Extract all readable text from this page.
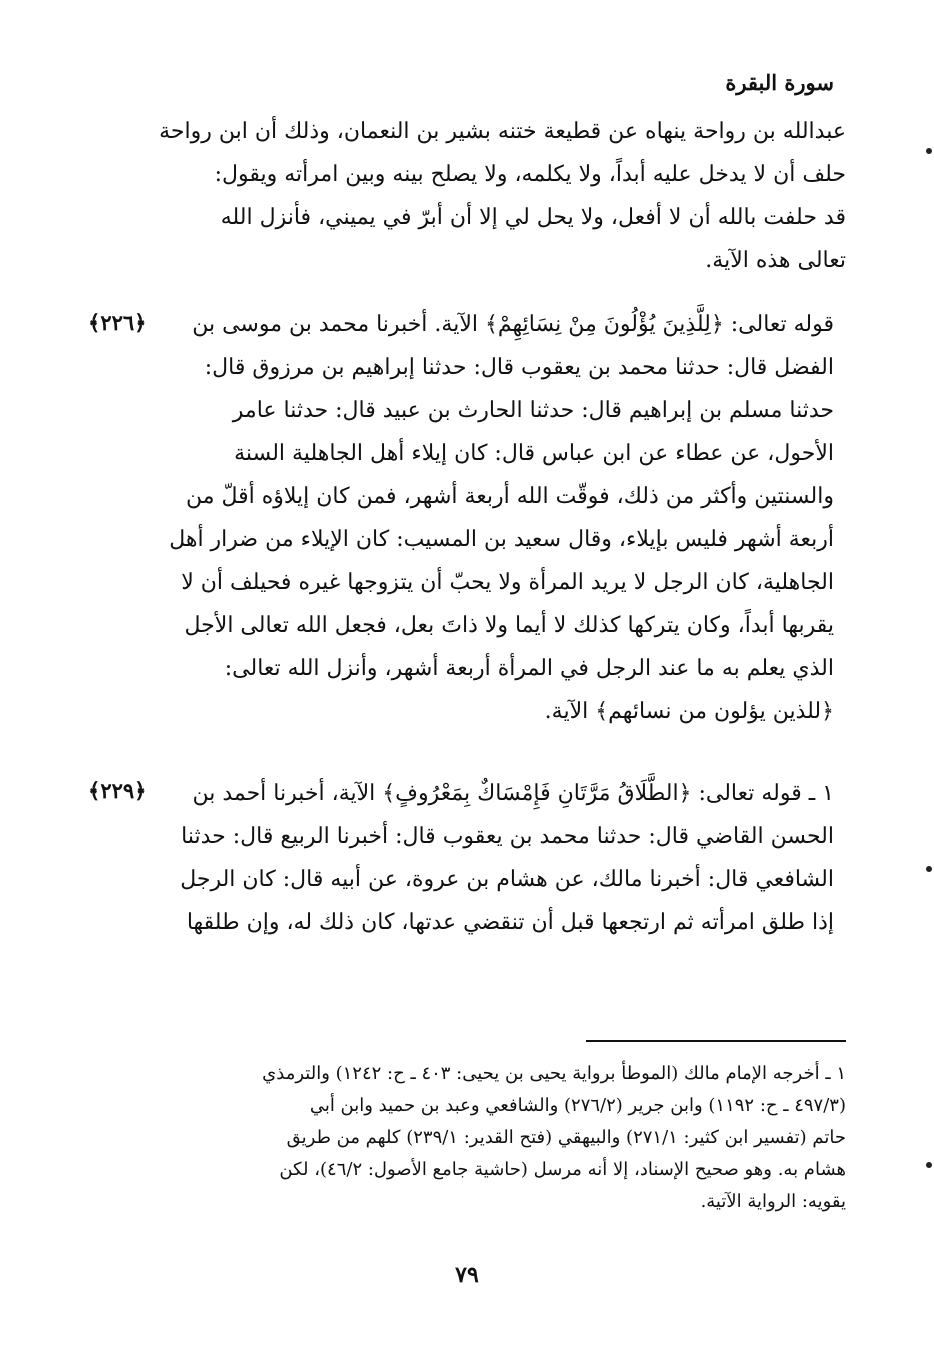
سورة البقرة
عبدالله بن رواحة ينهاه عن قطيعة ختنه بشير بن النعمان، وذلك أن ابن رواحة
حلف أن لا يدخل عليه أبداً، ولا يكلمه، ولا يصلح بينه وبين امرأته ويقول:
قد حلفت بالله أن لا أفعل، ولا يحل لي إلا أن أبرّ في يميني، فأنزل الله
تعالى هذه الآية.
﴿٢٢٦﴾	قوله تعالى: ﴿لِلَّذِينَ يُؤْلُونَ مِنْ نِسَائِهِمْ﴾ الآية. أخبرنا محمد بن موسى بن
الفضل قال: حدثنا محمد بن يعقوب قال: حدثنا إبراهيم بن مرزوق قال:
حدثنا مسلم بن إبراهيم قال: حدثنا الحارث بن عبيد قال: حدثنا عامر
الأحول، عن عطاء عن ابن عباس قال: كان إيلاء أهل الجاهلية السنة
والسنتين وأكثر من ذلك، فوقّت الله أربعة أشهر، فمن كان إيلاؤه أقلّ من
أربعة أشهر فليس بإيلاء، وقال سعيد بن المسيب: كان الإيلاء من ضرار أهل
الجاهلية، كان الرجل لا يريد المرأة ولا يحبّ أن يتزوجها غيره فحيلف أن لا
يقربها أبداً، وكان يتركها كذلك لا أيما ولا ذاتَ بعل، فجعل الله تعالى الأجل
الذي يعلم به ما عند الرجل في المرأة أربعة أشهر، وأنزل الله تعالى:
﴿للذين يؤلون من نسائهم﴾ الآية.
﴿٢٢٩﴾	١ ـ قوله تعالى: ﴿الطَّلَاقُ مَرَّتَانِ فَإِمْسَاكٌ بِمَعْرُوفٍ﴾ الآية، أخبرنا أحمد بن
الحسن القاضي قال: حدثنا محمد بن يعقوب قال: أخبرنا الربيع قال: حدثنا
الشافعي قال: أخبرنا مالك، عن هشام بن عروة، عن أبيه قال: كان الرجل
إذا طلق امرأته ثم ارتجعها قبل أن تنقضي عدتها، كان ذلك له، وإن طلقها
١ ـ أخرجه الإمام مالك (الموطأ برواية يحيى بن يحيى: ٤٠٣ ـ ح: ١٢٤٢) والترمذي
(٤٩٧/٣ ـ ح: ١١٩٢) وابن جرير (٢٧٦/٢) والشافعي وعبد بن حميد وابن أبي
حاتم (تفسير ابن كثير: ٢٧١/١) والبيهقي (فتح القدير: ٢٣٩/١) كلهم من طريق
هشام به. وهو صحيح الإسناد، إلا أنه مرسل (حاشية جامع الأصول: ٤٦/٢)، لكن
يقويه: الرواية الآتية.
٧٩
